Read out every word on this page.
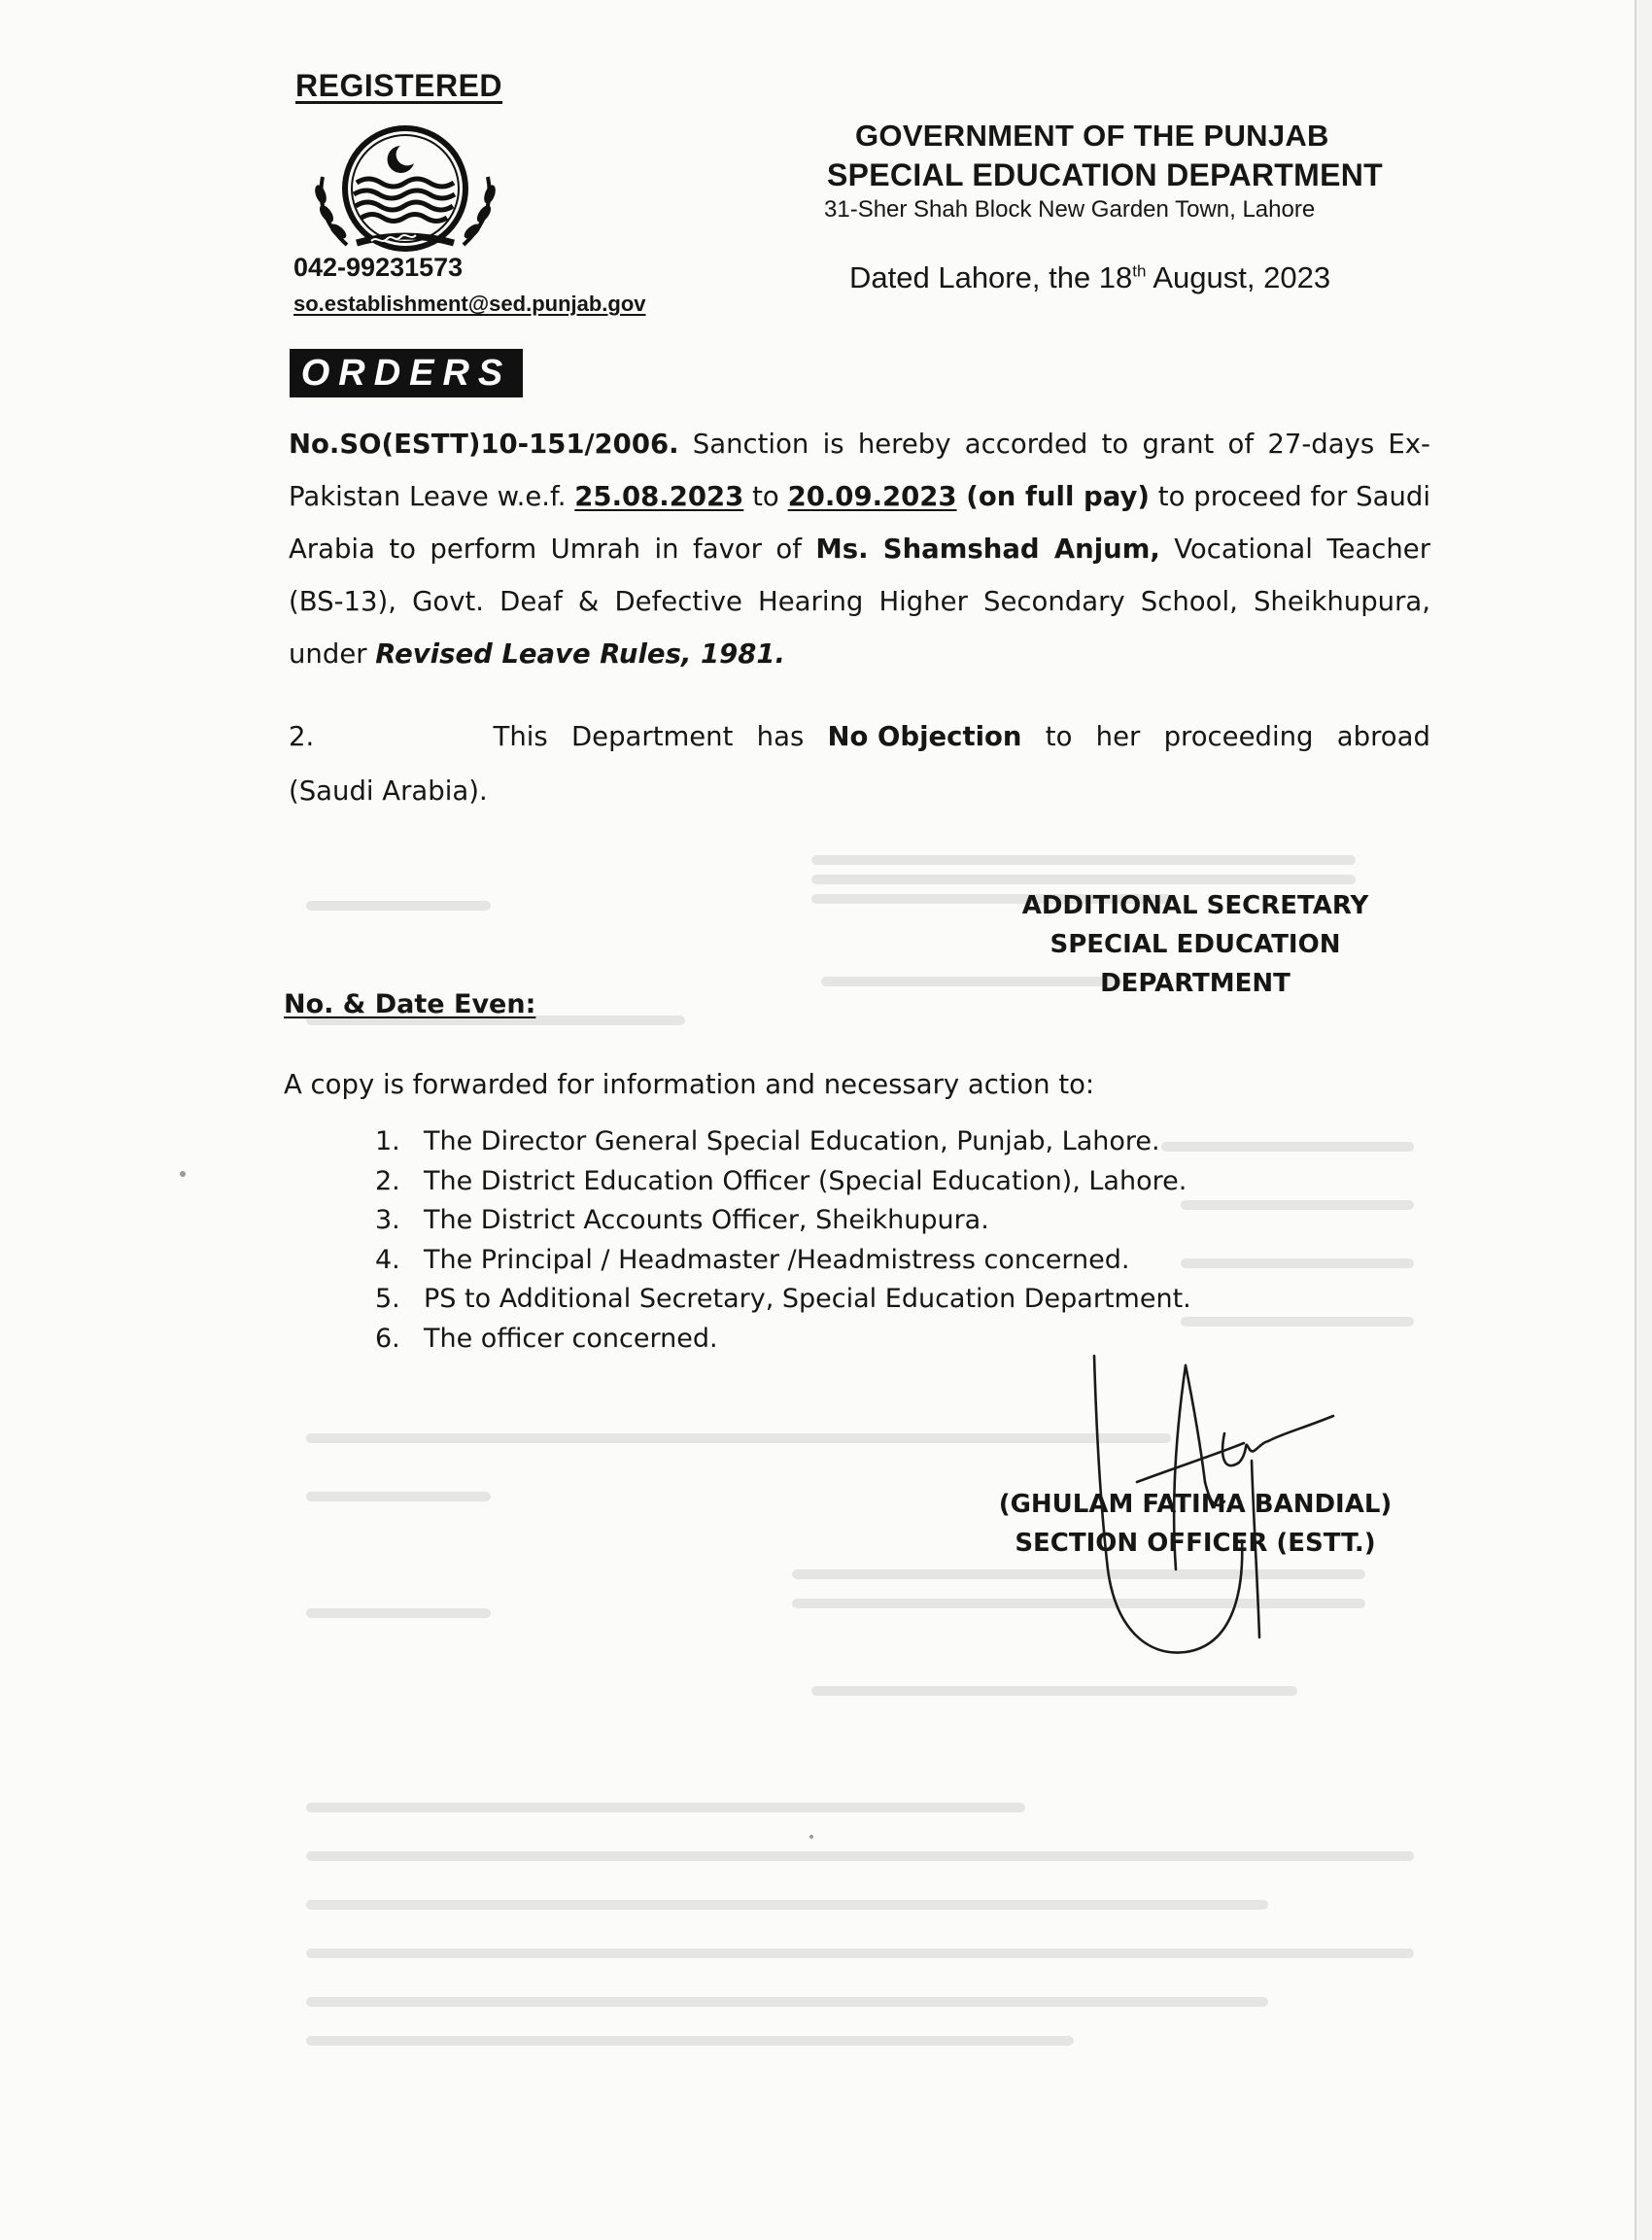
REGISTERED
042-99231573
so.establishment@sed.punjab.gov
GOVERNMENT OF THE PUNJAB
SPECIAL EDUCATION DEPARTMENT
31-Sher Shah Block New Garden Town, Lahore
Dated Lahore, the 18th August, 2023
ORDERS
No.SO(ESTT)10-151/2006. Sanction is hereby accorded to grant of 27-days Ex-Pakistan Leave w.e.f. 25.08.2023 to 20.09.2023 (on full pay) to proceed for Saudi Arabia to perform Umrah in favor of Ms. Shamshad Anjum, Vocational Teacher (BS-13), Govt. Deaf & Defective Hearing Higher Secondary School, Sheikhupura, under Revised Leave Rules, 1981.
2.	This Department has No Objection to her proceeding abroad
(Saudi Arabia).
ADDITIONAL SECRETARY
SPECIAL EDUCATION
DEPARTMENT
No. & Date Even:
A copy is forwarded for information and necessary action to:
1. The Director General Special Education, Punjab, Lahore.
2. The District Education Officer (Special Education), Lahore.
3. The District Accounts Officer, Sheikhupura.
4. The Principal / Headmaster /Headmistress concerned.
5. PS to Additional Secretary, Special Education Department.
6. The officer concerned.
(GHULAM FATIMA BANDIAL)
SECTION OFFICER (ESTT.)
